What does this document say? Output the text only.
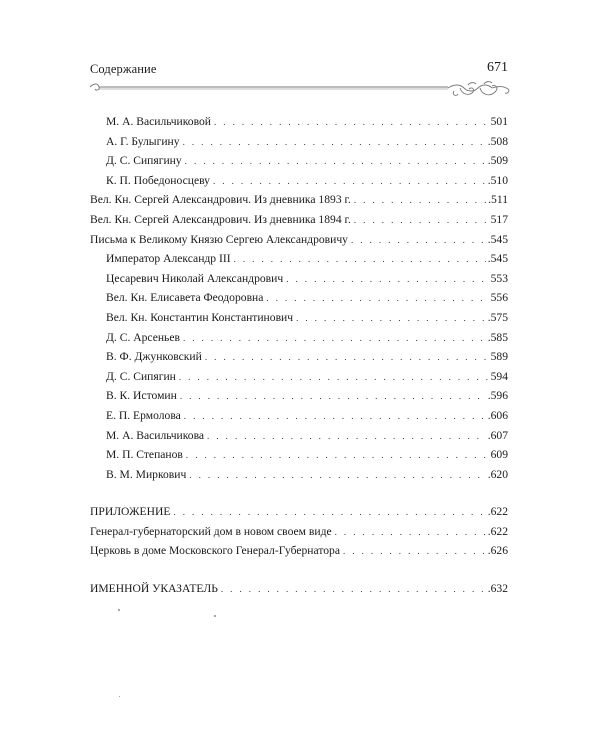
Содержание	671
М. А. Васильчиковой . . .	501
А. Г. Булыгину . . .	.508
Д. С. Сипягину . . .	.509
К. П. Победоносцеву . . .	.510
Вел. Кн. Сергей Александрович. Из дневника 1893 г. . . .	.511
Вел. Кн. Сергей Александрович. Из дневника 1894 г. . . .	517
Письма к Великому Князю Сергею Александровичу . . .	.545
Император Александр III . . .	.545
Цесаревич Николай Александрович . . .	553
Вел. Кн. Елисавета Феодоровна . . .	556
Вел. Кн. Константин Константинович . . .	.575
Д. С. Арсеньев . . .	.585
В. Ф. Джунковский . . .	589
Д. С. Сипягин . . .	594
В. К. Истомин . . .	.596
Е. П. Ермолова . . .	.606
М. А. Васильчикова . . .	.607
М. П. Степанов . . .	609
В. М. Миркович . . .	.620
ПРИЛОЖЕНИЕ . . .	.622
Генерал-губернаторский дом в новом своем виде . . .	.622
Церковь в доме Московского Генерал-Губернатора . . .	.626
ИМЕННОЙ УКАЗАТЕЛЬ . . .	.632
